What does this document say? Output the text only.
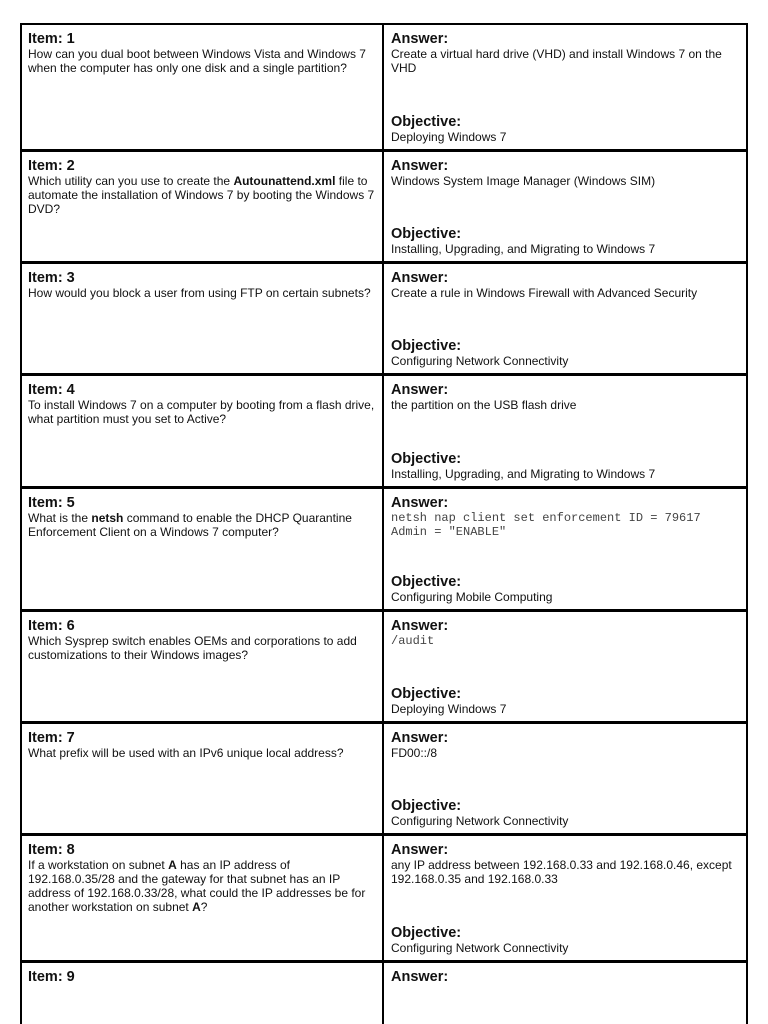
Item: 1
How can you dual boot between Windows Vista and Windows 7 when the computer has only one disk and a single partition?
Answer:
Create a virtual hard drive (VHD) and install Windows 7 on the VHD
Objective:
Deploying Windows 7
Item: 2
Which utility can you use to create the Autounattend.xml file to automate the installation of Windows 7 by booting the Windows 7 DVD?
Answer:
Windows System Image Manager (Windows SIM)
Objective:
Installing, Upgrading, and Migrating to Windows 7
Item: 3
How would you block a user from using FTP on certain subnets?
Answer:
Create a rule in Windows Firewall with Advanced Security
Objective:
Configuring Network Connectivity
Item: 4
To install Windows 7 on a computer by booting from a flash drive, what partition must you set to Active?
Answer:
the partition on the USB flash drive
Objective:
Installing, Upgrading, and Migrating to Windows 7
Item: 5
What is the netsh command to enable the DHCP Quarantine Enforcement Client on a Windows 7 computer?
Answer:
netsh nap client set enforcement ID = 79617
Admin = "ENABLE"
Objective:
Configuring Mobile Computing
Item: 6
Which Sysprep switch enables OEMs and corporations to add customizations to their Windows images?
Answer:
/audit
Objective:
Deploying Windows 7
Item: 7
What prefix will be used with an IPv6 unique local address?
Answer:
FD00::/8
Objective:
Configuring Network Connectivity
Item: 8
If a workstation on subnet A has an IP address of 192.168.0.35/28 and the gateway for that subnet has an IP address of 192.168.0.33/28, what could the IP addresses be for another workstation on subnet A?
Answer:
any IP address between 192.168.0.33 and 192.168.0.46, except 192.168.0.35 and 192.168.0.33
Objective:
Configuring Network Connectivity
Item: 9	Answer:
